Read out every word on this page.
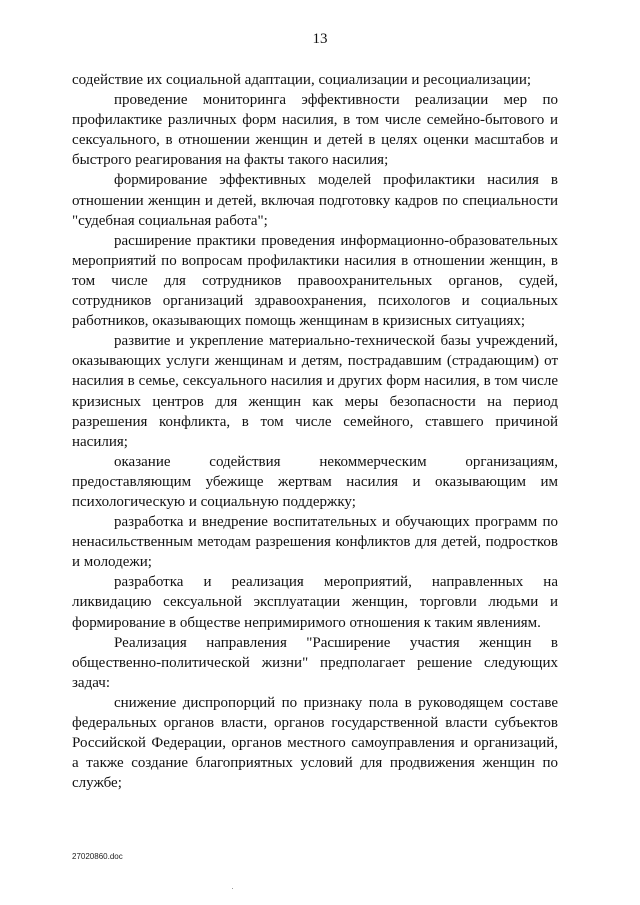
13

содействие их социальной адаптации, социализации и ресоциализации;

проведение мониторинга эффективности реализации мер по профилактике различных форм насилия, в том числе семейно-бытового и сексуального, в отношении женщин и детей в целях оценки масштабов и быстрого реагирования на факты такого насилия;

формирование эффективных моделей профилактики насилия в отношении женщин и детей, включая подготовку кадров по специальности "судебная социальная работа";

расширение практики проведения информационно-образовательных мероприятий по вопросам профилактики насилия в отношении женщин, в том числе для сотрудников правоохранительных органов, судей, сотрудников организаций здравоохранения, психологов и социальных работников, оказывающих помощь женщинам в кризисных ситуациях;

развитие и укрепление материально-технической базы учреждений, оказывающих услуги женщинам и детям, пострадавшим (страдающим) от насилия в семье, сексуального насилия и других форм насилия, в том числе кризисных центров для женщин как меры безопасности на период разрешения конфликта, в том числе семейного, ставшего причиной насилия;

оказание содействия некоммерческим организациям, предоставляющим убежище жертвам насилия и оказывающим им психологическую и социальную поддержку;

разработка и внедрение воспитательных и обучающих программ по ненасильственным методам разрешения конфликтов для детей, подростков и молодежи;

разработка и реализация мероприятий, направленных на ликвидацию сексуальной эксплуатации женщин, торговли людьми и формирование в обществе непримиримого отношения к таким явлениям.

Реализация направления "Расширение участия женщин в общественно-политической жизни" предполагает решение следующих задач:

снижение диспропорций по признаку пола в руководящем составе федеральных органов власти, органов государственной власти субъектов Российской Федерации, органов местного самоуправления и организаций, а также создание благоприятных условий для продвижения женщин по службе;

27020860.doc
